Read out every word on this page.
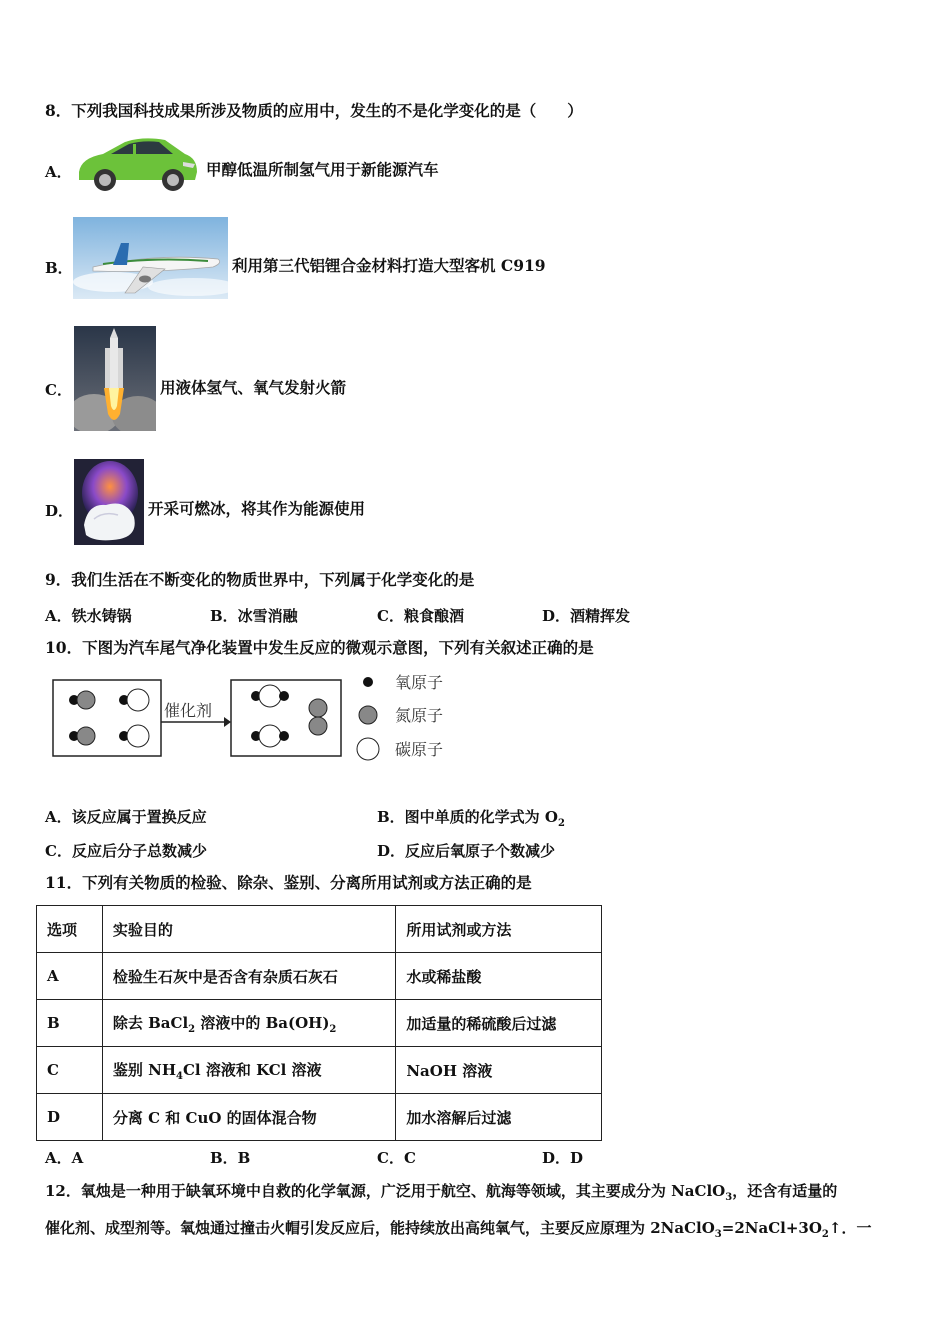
8．下列我国科技成果所涉及物质的应用中，发生的不是化学变化的是（　　）
A．	甲醇低温所制氢气用于新能源汽车
B．	利用第三代铝锂合金材料打造大型客机 C919
C．	用液体氢气、氧气发射火箭
D．	开采可燃冰，将其作为能源使用
9．我们生活在不断变化的物质世界中，下列属于化学变化的是
A．铁水铸锅	B．冰雪消融	C．粮食酿酒	D．酒精挥发
10．下图为汽车尾气净化装置中发生反应的微观示意图，下列有关叙述正确的是
催化剂
氧原子
氮原子
碳原子
A．该反应属于置换反应	B．图中单质的化学式为 $O_2$
C．反应后分子总数减少	D．反应后氧原子个数减少
11．下列有关物质的检验、除杂、鉴别、分离所用试剂或方法正确的是
选项	实验目的	所用试剂或方法
A	检验生石灰中是否含有杂质石灰石	水或稀盐酸
B	除去 BaCl$_2$ 溶液中的 $Ba(OH)_2$	加适量的稀硫酸后过滤
C	鉴别 $NH_4Cl$ 溶液和 KCl 溶液	NaOH 溶液
D	分离 C 和 CuO 的固体混合物	加水溶解后过滤
A．A	B．B	C．C	D．D
12．氧烛是一种用于缺氧环境中自救的化学氧源，广泛用于航空、航海等领域，其主要成分为 NaClO$_3$，还含有适量的
催化剂、成型剂等。氧烛通过撞击火帽引发反应后，能持续放出高纯氧气，主要反应原理为 $2NaClO_3=2NaCl+3O_2↑$．一
